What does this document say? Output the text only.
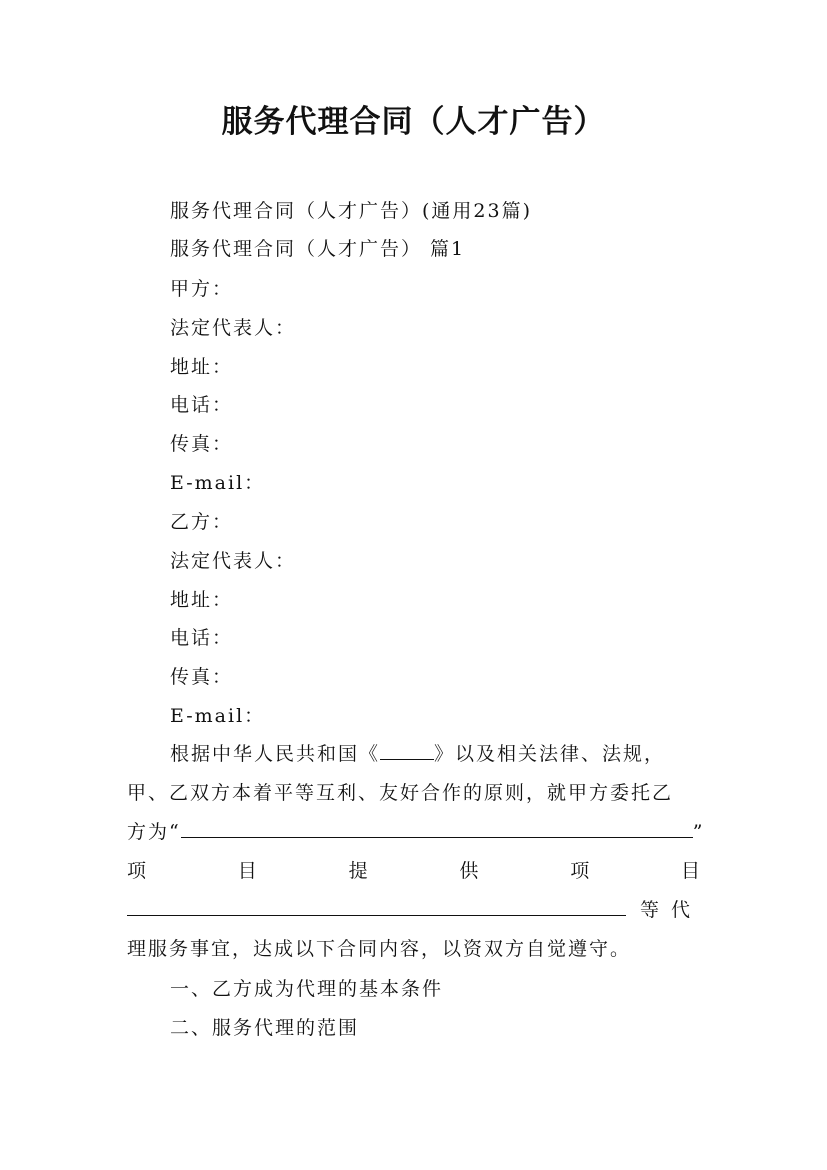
服务代理合同（人才广告）
服务代理合同（人才广告）(通用23篇)
服务代理合同（人才广告） 篇1
甲方：
法定代表人：
地址：
电话：
传真：
E-mail：
乙方：
法定代表人：
地址：
电话：
传真：
E-mail：
根据中华人民共和国《	》以及相关法律、法规，
甲、乙双方本着平等互利、友好合作的原则，就甲方委托乙
方为“	”
项	目	提	供	项	目
等代
理服务事宜，达成以下合同内容，以资双方自觉遵守。
一、乙方成为代理的基本条件
二、服务代理的范围
